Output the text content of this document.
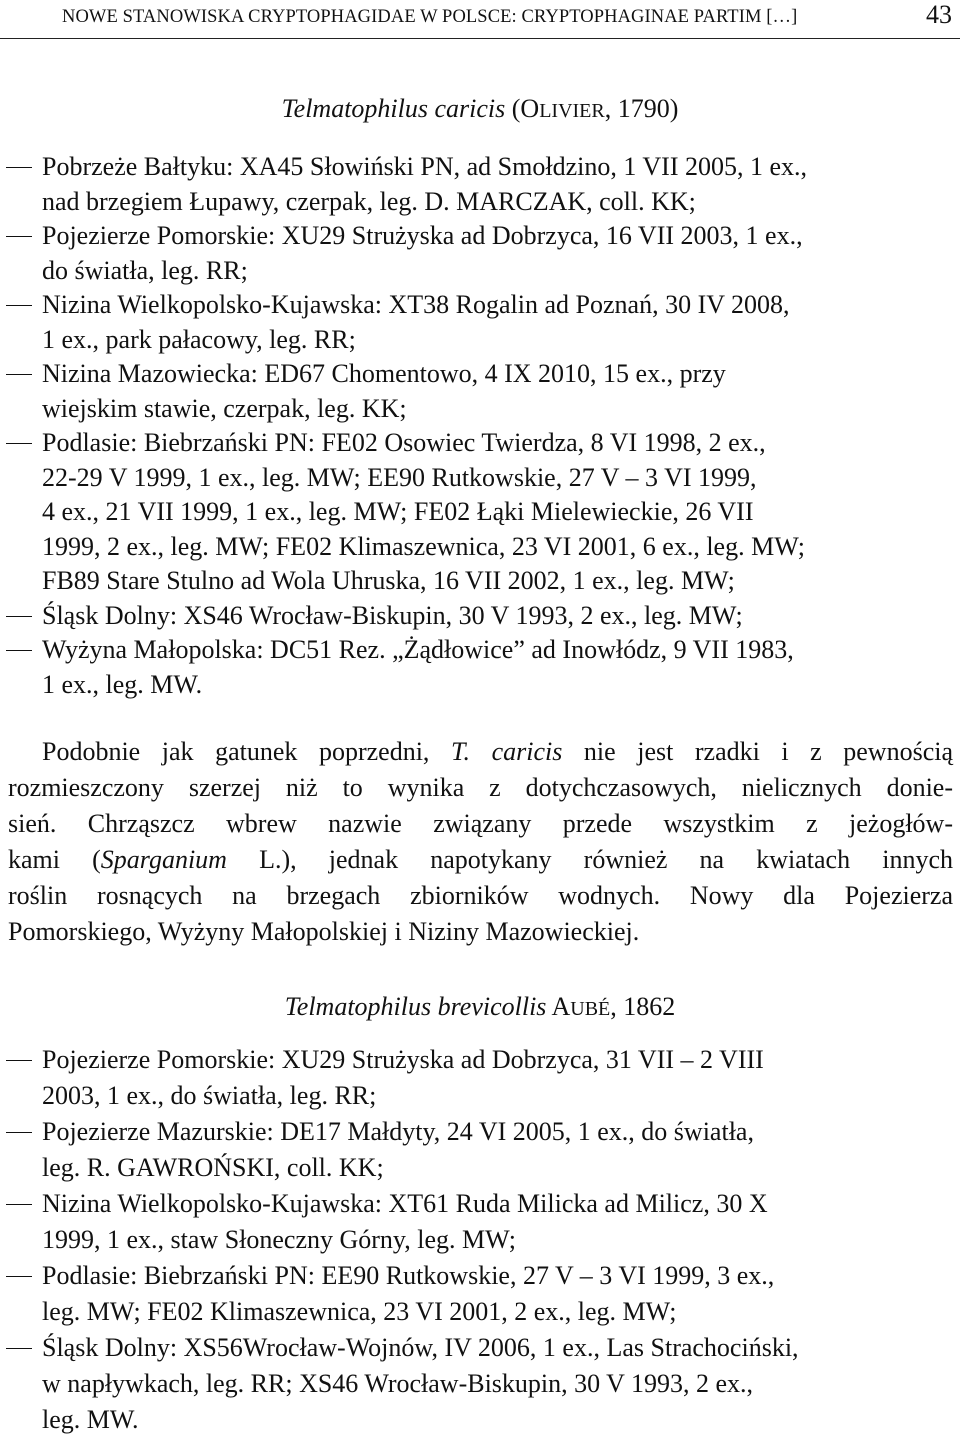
NOWE STANOWISKA CRYPTOPHAGIDAE W POLSCE: CRYPTOPHAGINAE PARTIM […]	43
Telmatophilus caricis (OLIVIER, 1790)
Pobrzeże Bałtyku: XA45 Słowiński PN, ad Smołdzino, 1 VII 2005, 1 ex.,
nad brzegiem Łupawy, czerpak, leg. D. MARCZAK, coll. KK;
Pojezierze Pomorskie: XU29 Strużyska ad Dobrzyca, 16 VII 2003, 1 ex.,
do światła, leg. RR;
Nizina Wielkopolsko-Kujawska: XT38 Rogalin ad Poznań, 30 IV 2008,
1 ex., park pałacowy, leg. RR;
Nizina Mazowiecka: ED67 Chomentowo, 4 IX 2010, 15 ex., przy
wiejskim stawie, czerpak, leg. KK;
Podlasie: Biebrzański PN: FE02 Osowiec Twierdza, 8 VI 1998, 2 ex.,
22-29 V 1999, 1 ex., leg. MW; EE90 Rutkowskie, 27 V – 3 VI 1999,
4 ex., 21 VII 1999, 1 ex., leg. MW; FE02 Łąki Mielewieckie, 26 VII
1999, 2 ex., leg. MW; FE02 Klimaszewnica, 23 VI 2001, 6 ex., leg. MW;
FB89 Stare Stulno ad Wola Uhruska, 16 VII 2002, 1 ex., leg. MW;
Śląsk Dolny: XS46 Wrocław-Biskupin, 30 V 1993, 2 ex., leg. MW;
Wyżyna Małopolska: DC51 Rez. „Żądłowice” ad Inowłódz, 9 VII 1983,
1 ex., leg. MW.
Podobnie jak gatunek poprzedni, T. caricis nie jest rzadki i z pewnością
rozmieszczony szerzej niż to wynika z dotychczasowych, nielicznych donie-
sień. Chrząszcz wbrew nazwie związany przede wszystkim z jeżogłów-
kami (Sparganium L.), jednak napotykany również na kwiatach innych
roślin rosnących na brzegach zbiorników wodnych. Nowy dla Pojezierza
Pomorskiego, Wyżyny Małopolskiej i Niziny Mazowieckiej.
Telmatophilus brevicollis AUBÉ, 1862
Pojezierze Pomorskie: XU29 Strużyska ad Dobrzyca, 31 VII – 2 VIII
2003, 1 ex., do światła, leg. RR;
Pojezierze Mazurskie: DE17 Małdyty, 24 VI 2005, 1 ex., do światła,
leg. R. GAWROŃSKI, coll. KK;
Nizina Wielkopolsko-Kujawska: XT61 Ruda Milicka ad Milicz, 30 X
1999, 1 ex., staw Słoneczny Górny, leg. MW;
Podlasie: Biebrzański PN: EE90 Rutkowskie, 27 V – 3 VI 1999, 3 ex.,
leg. MW; FE02 Klimaszewnica, 23 VI 2001, 2 ex., leg. MW;
Śląsk Dolny: XS56Wrocław-Wojnów, IV 2006, 1 ex., Las Strachociński,
w napływkach, leg. RR; XS46 Wrocław-Biskupin, 30 V 1993, 2 ex.,
leg. MW.
